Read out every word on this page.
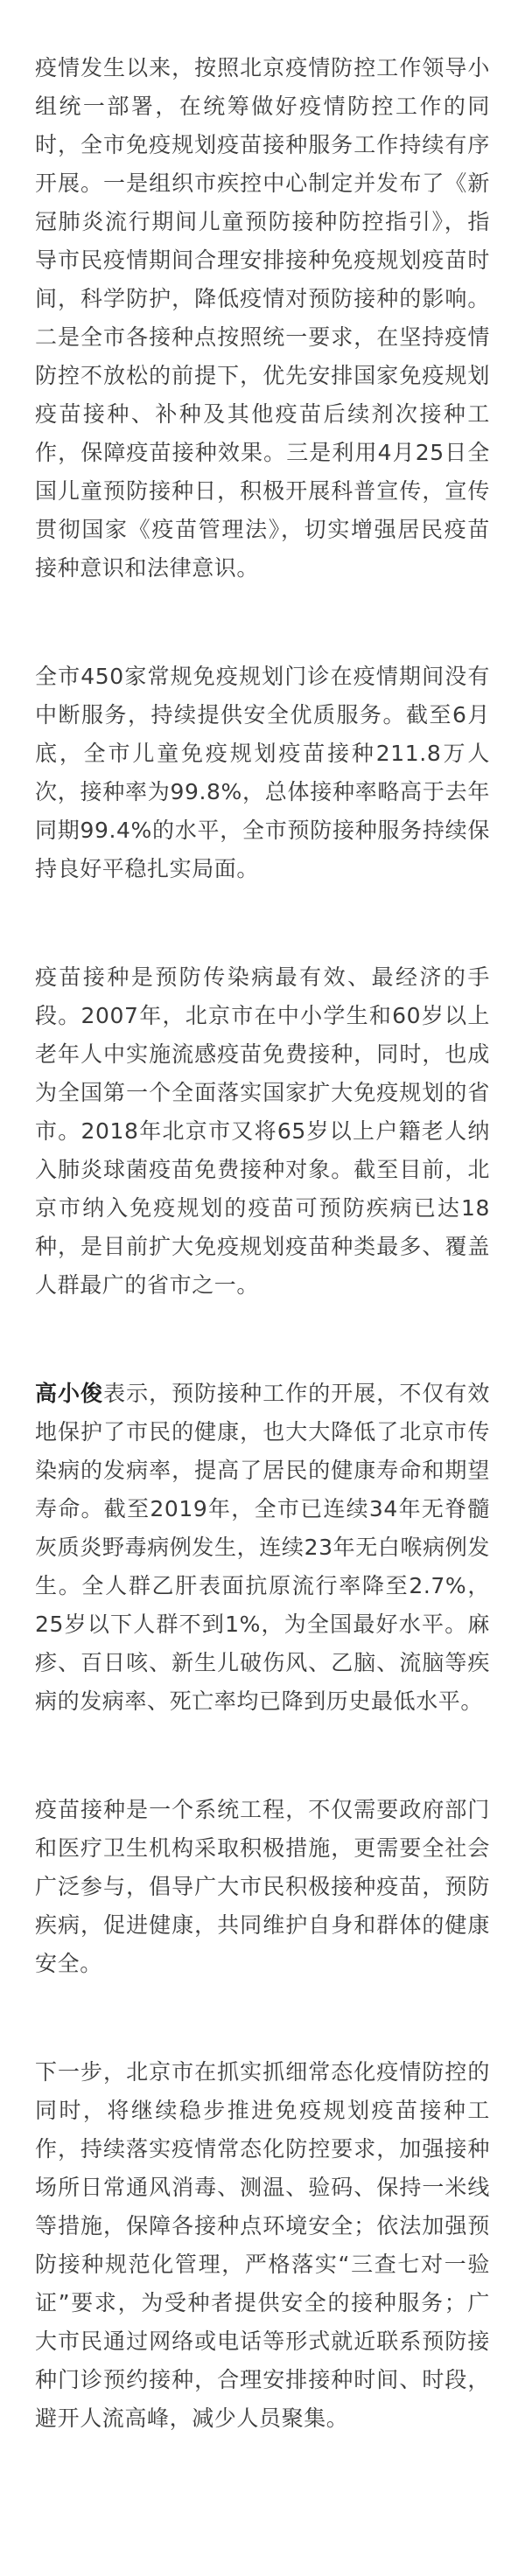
疫情发生以来，按照北京疫情防控工作领导小组统一部署，在统筹做好疫情防控工作的同时，全市免疫规划疫苗接种服务工作持续有序开展。一是组织市疾控中心制定并发布了《新冠肺炎流行期间儿童预防接种防控指引》，指导市民疫情期间合理安排接种免疫规划疫苗时间，科学防护，降低疫情对预防接种的影响。二是全市各接种点按照统一要求，在坚持疫情防控不放松的前提下，优先安排国家免疫规划疫苗接种、补种及其他疫苗后续剂次接种工作，保障疫苗接种效果。三是利用4月25日全国儿童预防接种日，积极开展科普宣传，宣传贯彻国家《疫苗管理法》，切实增强居民疫苗接种意识和法律意识。

全市450家常规免疫规划门诊在疫情期间没有中断服务，持续提供安全优质服务。截至6月底，全市儿童免疫规划疫苗接种211.8万人次，接种率为99.8%，总体接种率略高于去年同期99.4%的水平，全市预防接种服务持续保持良好平稳扎实局面。

疫苗接种是预防传染病最有效、最经济的手段。2007年，北京市在中小学生和60岁以上老年人中实施流感疫苗免费接种，同时，也成为全国第一个全面落实国家扩大免疫规划的省市。2018年北京市又将65岁以上户籍老人纳入肺炎球菌疫苗免费接种对象。截至目前，北京市纳入免疫规划的疫苗可预防疾病已达18种，是目前扩大免疫规划疫苗种类最多、覆盖人群最广的省市之一。

高小俊表示，预防接种工作的开展，不仅有效地保护了市民的健康，也大大降低了北京市传染病的发病率，提高了居民的健康寿命和期望寿命。截至2019年，全市已连续34年无脊髓灰质炎野毒病例发生，连续23年无白喉病例发生。全人群乙肝表面抗原流行率降至2.7%，25岁以下人群不到1%，为全国最好水平。麻疹、百日咳、新生儿破伤风、乙脑、流脑等疾病的发病率、死亡率均已降到历史最低水平。

疫苗接种是一个系统工程，不仅需要政府部门和医疗卫生机构采取积极措施，更需要全社会广泛参与，倡导广大市民积极接种疫苗，预防疾病，促进健康，共同维护自身和群体的健康安全。

下一步，北京市在抓实抓细常态化疫情防控的同时，将继续稳步推进免疫规划疫苗接种工作，持续落实疫情常态化防控要求，加强接种场所日常通风消毒、测温、验码、保持一米线等措施，保障各接种点环境安全；依法加强预防接种规范化管理，严格落实“三查七对一验证”要求，为受种者提供安全的接种服务；广大市民通过网络或电话等形式就近联系预防接种门诊预约接种，合理安排接种时间、时段，避开人流高峰，减少人员聚集。
